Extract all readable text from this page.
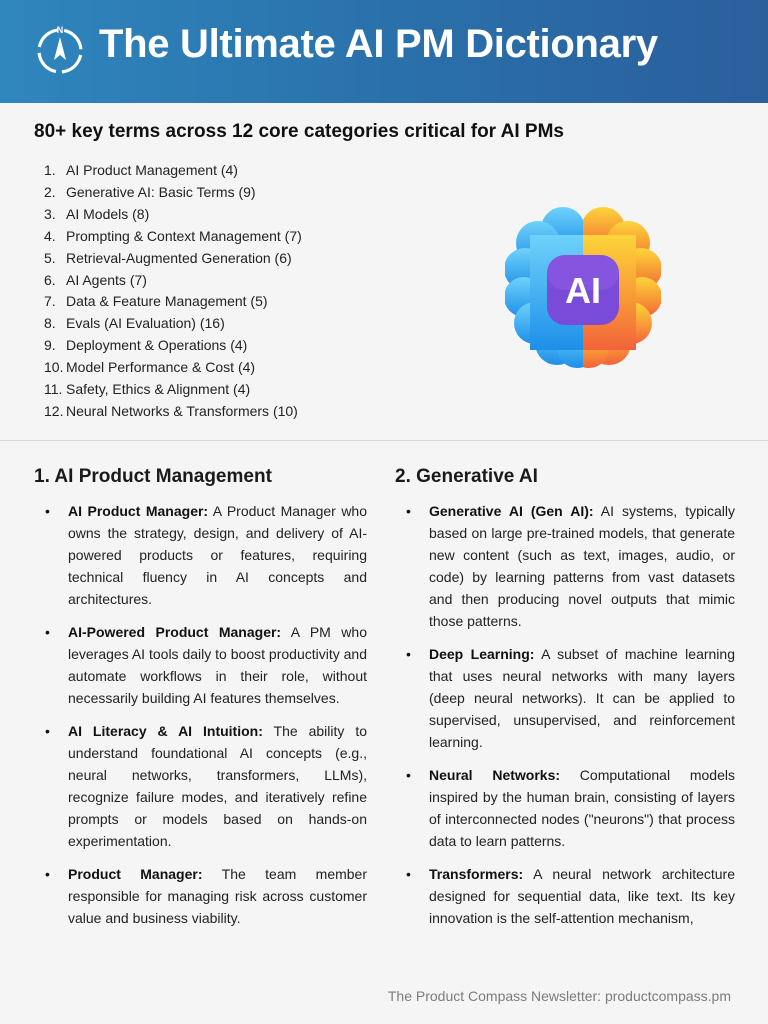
N The Ultimate AI PM Dictionary
80+ key terms across 12 core categories critical for AI PMs
1. AI Product Management (4)
2. Generative AI: Basic Terms (9)
3. AI Models (8)
4. Prompting & Context Management (7)
5. Retrieval-Augmented Generation (6)
6. AI Agents (7)
7. Data & Feature Management (5)
8. Evals (AI Evaluation) (16)
9. Deployment & Operations (4)
10. Model Performance & Cost (4)
11. Safety, Ethics & Alignment (4)
12. Neural Networks & Transformers (10)
AI
1. AI Product Management
• AI Product Manager: A Product Manager who owns the strategy, design, and delivery of AI-powered products or features, requiring technical fluency in AI concepts and architectures.
• AI-Powered Product Manager: A PM who leverages AI tools daily to boost productivity and automate workflows in their role, without necessarily building AI features themselves.
• AI Literacy & AI Intuition: The ability to understand foundational AI concepts (e.g., neural networks, transformers, LLMs), recognize failure modes, and iteratively refine prompts or models based on hands-on experimentation.
• Product Manager: The team member responsible for managing risk across customer value and business viability.
2. Generative AI
• Generative AI (Gen AI): AI systems, typically based on large pre-trained models, that generate new content (such as text, images, audio, or code) by learning patterns from vast datasets and then producing novel outputs that mimic those patterns.
• Deep Learning: A subset of machine learning that uses neural networks with many layers (deep neural networks). It can be applied to supervised, unsupervised, and reinforcement learning.
• Neural Networks: Computational models inspired by the human brain, consisting of layers of interconnected nodes ("neurons") that process data to learn patterns.
• Transformers: A neural network architecture designed for sequential data, like text. Its key innovation is the self-attention mechanism,

The Product Compass Newsletter: productcompass.pm
